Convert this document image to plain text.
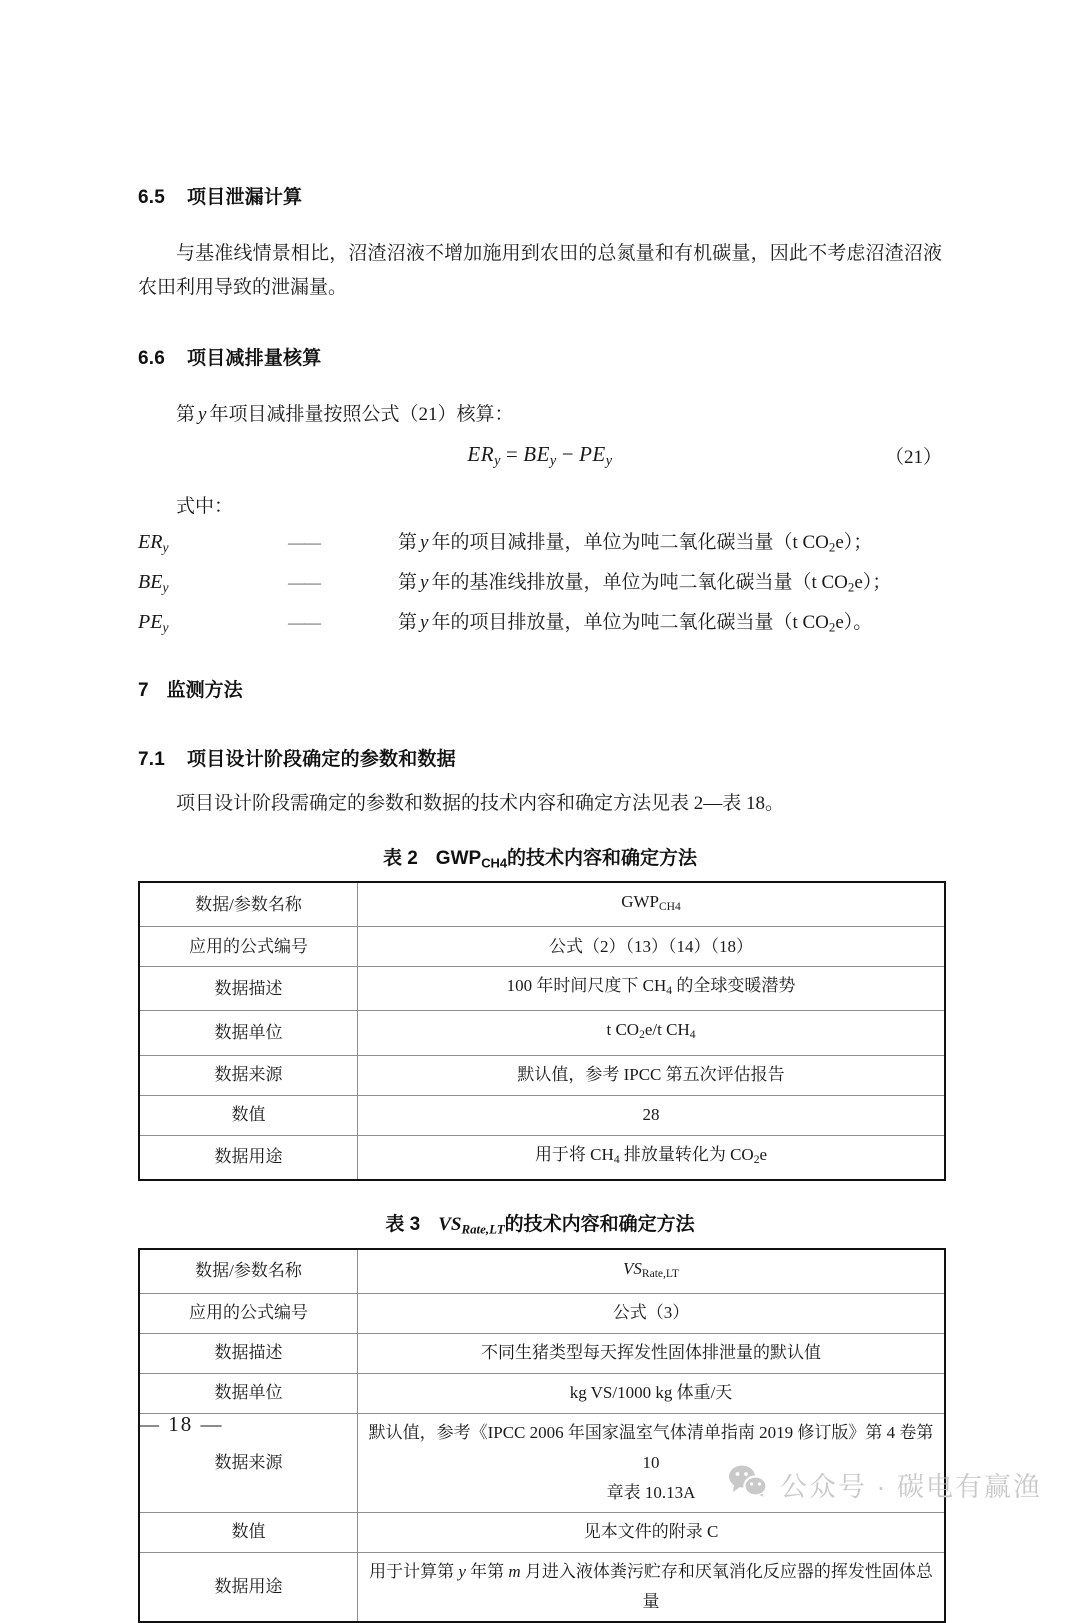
6.5 项目泄漏计算
与基准线情景相比，沼渣沼液不增加施用到农田的总氮量和有机碳量，因此不考虑沼渣沼液农田利用导致的泄漏量。
6.6 项目减排量核算
第 y 年项目减排量按照公式（21）核算：
$ER_y = BE_y - PE_y$	（21）
式中：
$ER_y$	——	第 y 年的项目减排量，单位为吨二氧化碳当量（t $CO_2e$）；
$BE_y$	——	第 y 年的基准线排放量，单位为吨二氧化碳当量（t $CO_2e$）；
$PE_y$	——	第 y 年的项目排放量，单位为吨二氧化碳当量（t $CO_2e$）。
7 监测方法
7.1 项目设计阶段确定的参数和数据
项目设计阶段需确定的参数和数据的技术内容和确定方法见表 2—表 18。
表 2 $GWP_{CH4}$的技术内容和确定方法
数据/参数名称	$GWP_{CH4}$
应用的公式编号	公式（2）（13）（14）（18）
数据描述	100 年时间尺度下 $CH_4$ 的全球变暖潜势
数据单位	t $CO_2e/t$ $CH_4$
数据来源	默认值，参考 IPCC 第五次评估报告
数值	28
数据用途	用于将 $CH_4$ 排放量转化为 $CO_2e$
表 3 $VS_{Rate,LT}$的技术内容和确定方法
数据/参数名称	$VS_{Rate,LT}$
应用的公式编号	公式（3）
数据描述	不同生猪类型每天挥发性固体排泄量的默认值
数据单位	kg VS/1000 kg 体重/天
数据来源	默认值，参考《IPCC 2006 年国家温室气体清单指南 2019 修订版》第 4 卷第 10
章表 10.13A

数值	见本文件的附录 C
数据用途	用于计算第 y 年第 m 月进入液体粪污贮存和厌氧消化反应器的挥发性固体总量
— 18 —
公众号 · 碳电有赢渔
